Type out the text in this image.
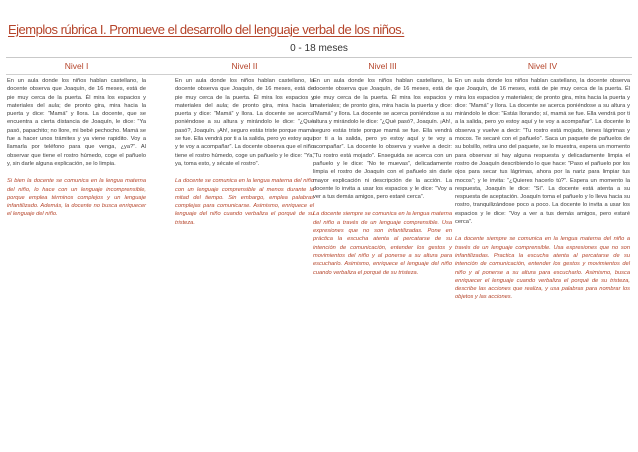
Ejemplos rúbrica I. Promueve el desarrollo del lenguaje verbal de los niños.
0 - 18 meses
Nivel I
En un aula donde los niños hablan castellano, la docente observa que Joaquín, de 16 meses, está de pie muy cerca de la puerta. Él mira los espacios y materiales del aula; de pronto gira, mira hacia la puerta y dice: “Mamá” y llora. La docente, que se encuentra a cierta distancia de Joaquín, le dice: “Ya pasó, papachito; no llore, mi bebé pechocho. Mamá se fue a hacer unos trámites y ya viene rapidito. Voy a llamarla por teléfono para que venga, ¿ya?”. Al observar que tiene el rostro húmedo, coge el pañuelo y, sin darle alguna explicación, se lo limpia.
Si bien la docente se comunica en la lengua materna del niño, lo hace con un lenguaje incomprensible, porque emplea términos complejos y un lenguaje infantilizado. Además, la docente no busca enriquecer el lenguaje del niño.
Nivel II
En un aula donde los niños hablan castellano, la docente observa que Joaquín, de 16 meses, está de pie muy cerca de la puerta. Él mira los espacios y materiales del aula; de pronto gira, mira hacia la puerta y dice: “Mamá” y llora. La docente se acerca poniéndose a su altura y mirándolo le dice: “¿Qué pasó?, Joaquín. ¡Ah!, seguro estás triste porque mamá se fue. Ella vendrá por ti a la salida, pero yo estoy aquí y te voy a acompañar”. La docente observa que el niño tiene el rostro húmedo, coge un pañuelo y le dice: “Ya, ya, toma esto, y sécate el rostro”.
La docente se comunica en la lengua materna del niño con un lenguaje comprensible al menos durante la mitad del tiempo. Sin embargo, emplea palabras complejas para comunicarse. Asimismo, enriquece el lenguaje del niño cuando verbaliza el porqué de su tristeza.
Nivel III
En un aula donde los niños hablan castellano, la docente observa que Joaquín, de 16 meses, está de pie muy cerca de la puerta. Él mira los espacios y materiales; de pronto gira, mira hacia la puerta y dice: “Mamá” y llora. La docente se acerca poniéndose a su altura y mirándolo le dice: “¿Qué pasó?, Joaquín. ¡Ah!, seguro estás triste porque mamá se fue. Ella vendrá por ti a la salida, pero yo estoy aquí y te voy a acompañar”. La docente lo observa y vuelve a decir: “Tu rostro está mojado”. Enseguida se acerca con un pañuelo y le dice: “No te muevas”, delicadamente limpia el rostro de Joaquín con el pañuelo sin darle mayor explicación ni descripción de la acción. La docente lo invita a usar los espacios y le dice: “Voy a ver a tus demás amigos, pero estaré cerca”.
La docente siempre se comunica en la lengua materna del niño a través de un lenguaje comprensible. Usa expresiones que no son infantilizadas. Pone en práctica la escucha atenta al percatarse de su intención de comunicación, entender los gestos y movimientos del niño y al ponerse a su altura para escucharlo. Asimismo, enriquece el lenguaje del niño cuando verbaliza el porqué de su tristeza.
Nivel IV
En un aula donde los niños hablan castellano, la docente observa que Joaquín, de 16 meses, está de pie muy cerca de la puerta. Él mira los espacios y materiales; de pronto gira, mira hacia la puerta y dice: “Mamá” y llora. La docente se acerca poniéndose a su altura y mirándolo le dice: “Estás llorando; sí, mamá se fue. Ella vendrá por ti a la salida, pero yo estoy aquí y te voy a acompañar”. La docente lo observa y vuelve a decir: “Tu rostro está mojado, tienes lágrimas y mocos. Te secaré con el pañuelo”. Saca un paquete de pañuelos de su bolsillo, retira uno del paquete, se lo muestra, espera un momento para observar si hay alguna respuesta y delicadamente limpia el rostro de Joaquín describiendo lo que hace: “Paso el pañuelo por los ojos para secar tus lágrimas, ahora por la nariz para limpiar tus mocos”; y le invita: “¿Quieres hacerlo tú?”. Espera un momento la respuesta, Joaquín le dice: “Sí”. La docente está atenta a su respuesta de aceptación. Joaquín toma el pañuelo y lo lleva hacia su rostro, tranquilizándose poco a poco. La docente lo invita a usar los espacios y le dice: “Voy a ver a tus demás amigos, pero estaré cerca”.
La docente siempre se comunica en la lengua materna del niño a través de un lenguaje comprensible. Usa expresiones que no son infantilizadas. Practica la escucha atenta al percatarse de su intención de comunicación, entender los gestos y movimientos del niño y al ponerse a su altura para escucharlo. Asimismo, busca enriquecer el lenguaje cuando verbaliza el porqué de su tristeza, describe las acciones que realiza, y usa palabras para nombrar los objetos y las acciones.
